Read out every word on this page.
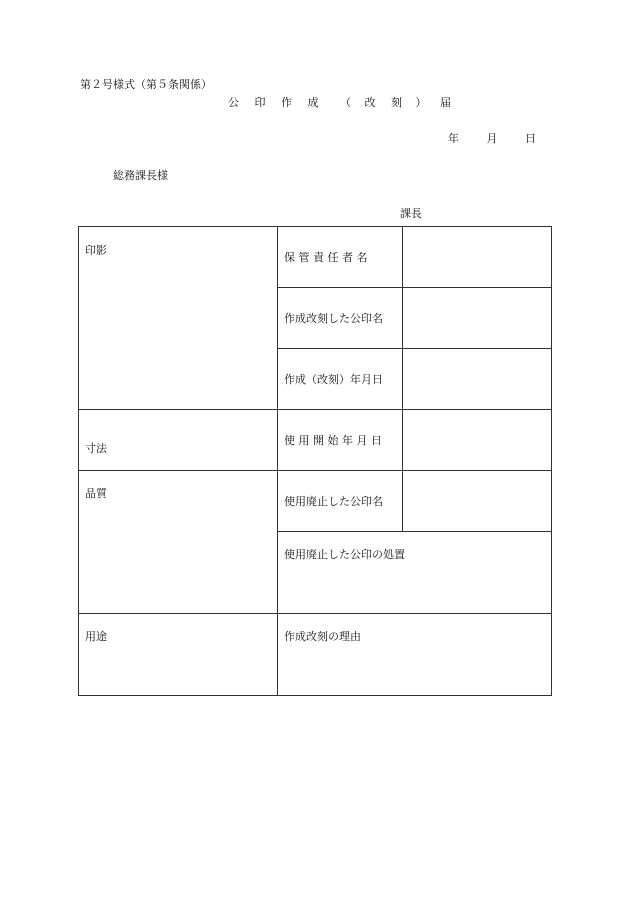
第２号様式（第５条関係）
公 印 作 成 （ 改 刻 ） 届
年	月	日
総務課長様
課長
印影	保 管 責 任 者 名	
	作成改刻した公印名	
	作成（改刻）年月日	

寸法	使 用 開 始 年 月 日	

品質	使用廃止した公印名	

	使用廃止した公印の処置	

用途	作成改刻の理由	
